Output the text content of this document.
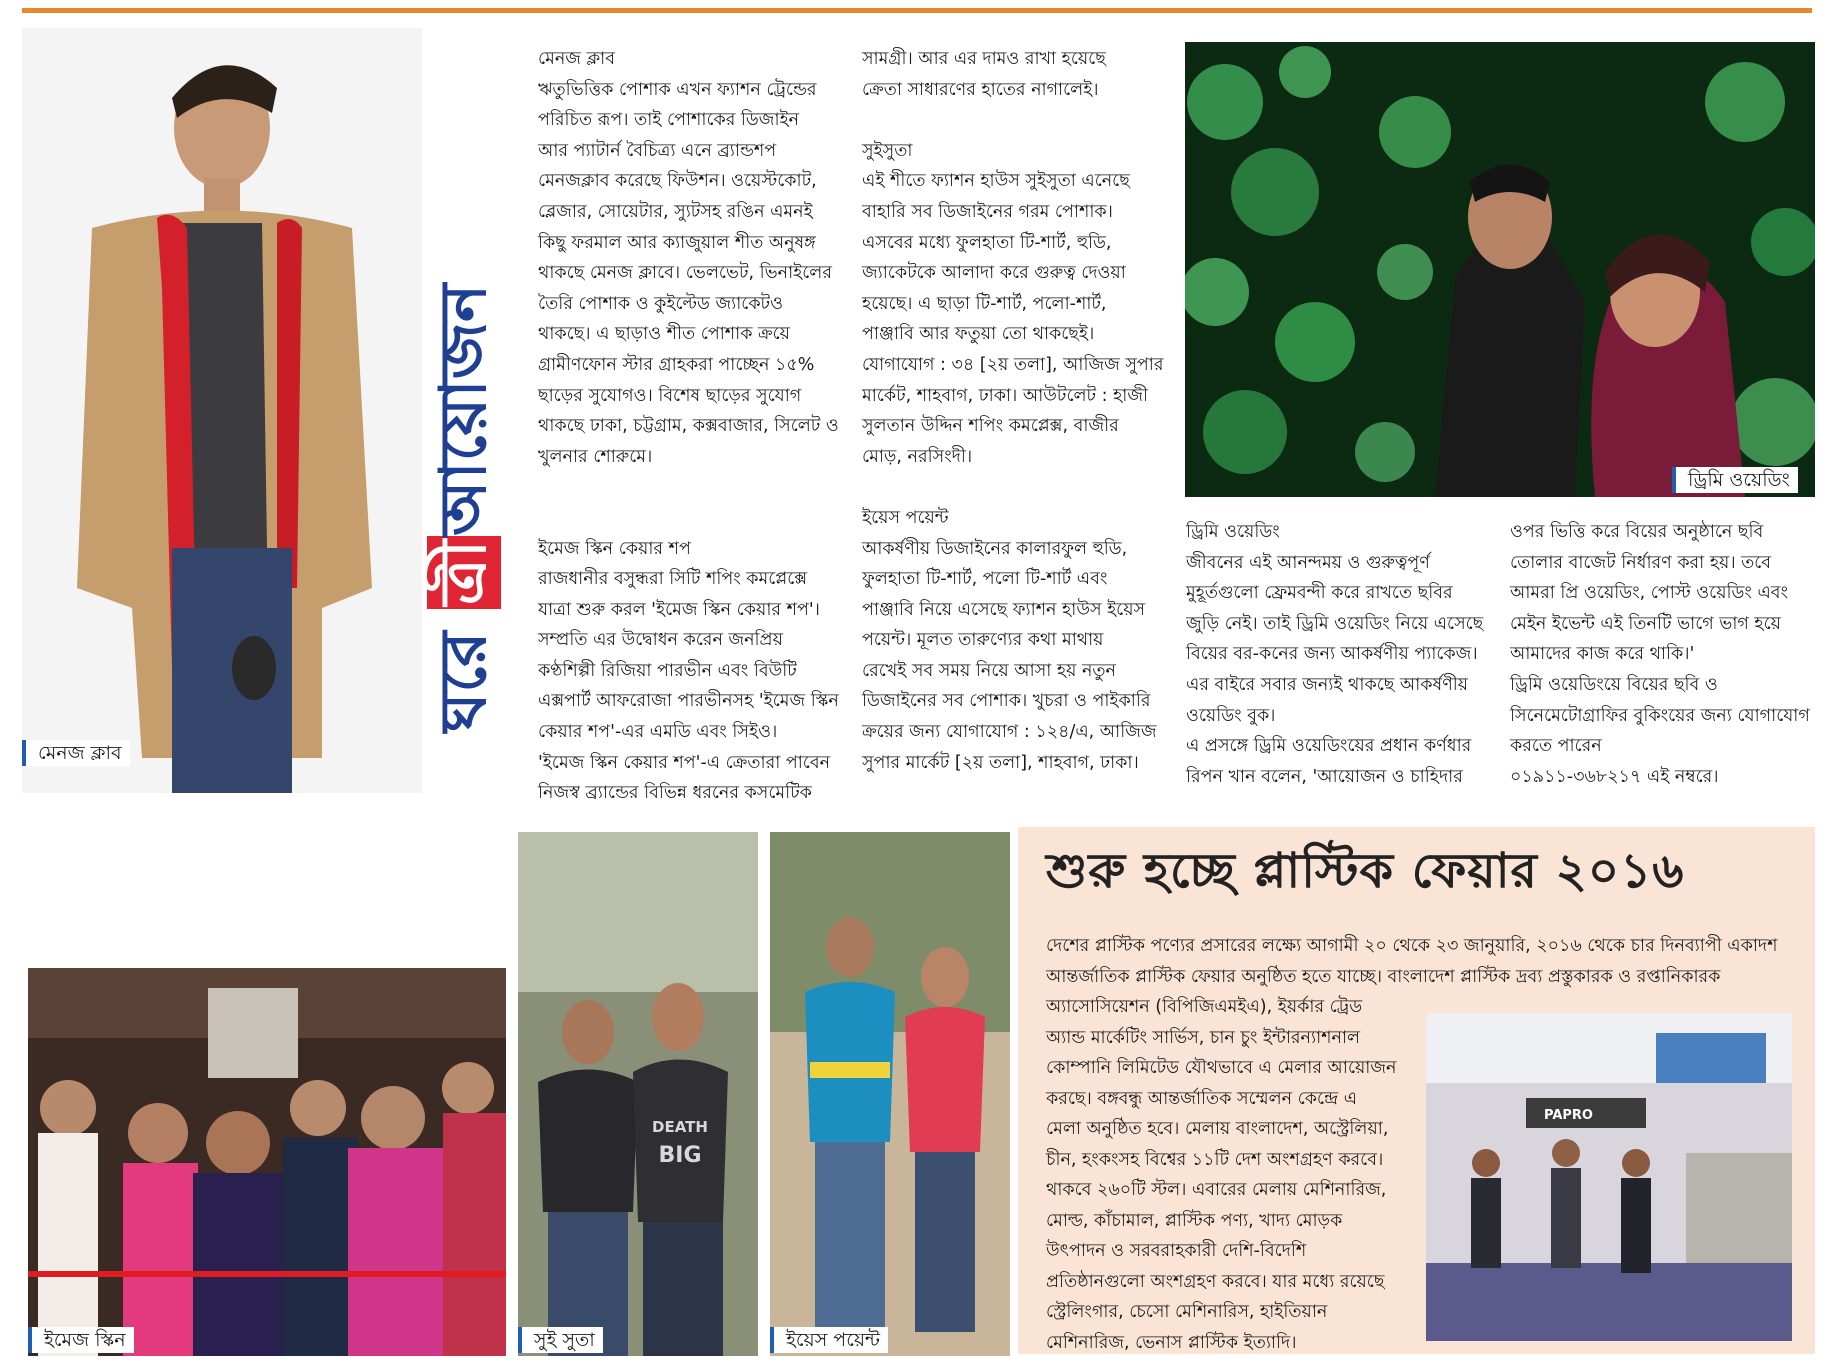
মেনজ ক্লাব
ঘরে ত্রীআয়োজন

মেনজ ক্লাব

ঋতুভিত্তিক পোশাক এখন ফ্যাশন ট্রেন্ডের

পরিচিত রূপ। তাই পোশাকের ডিজাইন

আর প্যাটার্ন বৈচিত্র্য এনে ব্র্যান্ডশপ

মেনজক্লাব করেছে ফিউশন। ওয়েস্টকোট,

ব্লেজার, সোয়েটার, স্যুটসহ রঙিন এমনই

কিছু ফরমাল আর ক্যাজুয়াল শীত অনুষঙ্গ

থাকছে মেনজ ক্লাবে। ভেলভেট, ভিনাইলের

তৈরি পোশাক ও কুইল্টেড জ্যাকেটও

থাকছে। এ ছাড়াও শীত পোশাক ক্রয়ে

গ্রামীণফোন স্টার গ্রাহকরা পাচ্ছেন ১৫%

ছাড়ের সুযোগও। বিশেষ ছাড়ের সুযোগ

থাকছে ঢাকা, চট্টগ্রাম, কক্সবাজার, সিলেট ও

খুলনার শোরুমে।

ইমেজ স্কিন কেয়ার শপ

রাজধানীর বসুন্ধরা সিটি শপিং কমপ্লেক্সে

যাত্রা শুরু করল 'ইমেজ স্কিন কেয়ার শপ'।

সম্প্রতি এর উদ্বোধন করেন জনপ্রিয়

কণ্ঠশিল্পী রিজিয়া পারভীন এবং বিউটি

এক্সপার্ট আফরোজা পারভীনসহ 'ইমেজ স্কিন

কেয়ার শপ'-এর এমডি এবং সিইও।

'ইমেজ স্কিন কেয়ার শপ'-এ ক্রেতারা পাবেন

নিজস্ব ব্র্যান্ডের বিভিন্ন ধরনের কসমেটিক

সামগ্রী। আর এর দামও রাখা হয়েছে

ক্রেতা সাধারণের হাতের নাগালেই।

সুইসুতা

এই শীতে ফ্যাশন হাউস সুইসুতা এনেছে

বাহারি সব ডিজাইনের গরম পোশাক।

এসবের মধ্যে ফুলহাতা টি-শার্ট, হুডি,

জ্যাকেটকে আলাদা করে গুরুত্ব দেওয়া

হয়েছে। এ ছাড়া টি-শার্ট, পলো-শার্ট,

পাঞ্জাবি আর ফতুয়া তো থাকছেই।

যোগাযোগ : ৩৪ [২য় তলা], আজিজ সুপার

মার্কেট, শাহবাগ, ঢাকা। আউটলেট : হাজী

সুলতান উদ্দিন শপিং কমপ্লেক্স, বাজীর

মোড়, নরসিংদী।

ইয়েস পয়েন্ট

আকর্ষণীয় ডিজাইনের কালারফুল হুডি,

ফুলহাতা টি-শার্ট, পলো টি-শার্ট এবং

পাঞ্জাবি নিয়ে এসেছে ফ্যাশন হাউস ইয়েস

পয়েন্ট। মূলত তারুণ্যের কথা মাথায়

রেখেই সব সময় নিয়ে আসা হয় নতুন

ডিজাইনের সব পোশাক। খুচরা ও পাইকারি

ক্রয়ের জন্য যোগাযোগ : ১২৪/এ, আজিজ

সুপার মার্কেট [২য় তলা], শাহবাগ, ঢাকা।

ড্রিমি ওয়েডিং

ড্রিমি ওয়েডিং

জীবনের এই আনন্দময় ও গুরুত্বপূর্ণ

মুহূর্তগুলো ফ্রেমবন্দী করে রাখতে ছবির

জুড়ি নেই। তাই ড্রিমি ওয়েডিং নিয়ে এসেছে

বিয়ের বর-কনের জন্য আকর্ষণীয় প্যাকেজ।

এর বাইরে সবার জন্যই থাকছে আকর্ষণীয়

ওয়েডিং বুক।

এ প্রসঙ্গে ড্রিমি ওয়েডিংয়ের প্রধান কর্ণধার

রিপন খান বলেন, 'আয়োজন ও চাহিদার

ওপর ভিত্তি করে বিয়ের অনুষ্ঠানে ছবি

তোলার বাজেট নির্ধারণ করা হয়। তবে

আমরা প্রি ওয়েডিং, পোস্ট ওয়েডিং এবং

মেইন ইভেন্ট এই তিনটি ভাগে ভাগ হয়ে

আমাদের কাজ করে থাকি।'

ড্রিমি ওয়েডিংয়ে বিয়ের ছবি ও

সিনেমেটোগ্রাফির বুকিংয়ের জন্য যোগাযোগ

করতে পারেন

০১৯১১-৩৬৮২১৭ এই নম্বরে।

ইমেজ স্কিন
DEATH
BIG
সুই সুতা	ইয়েস পয়েন্ট
শুরু হচ্ছে প্লাস্টিক ফেয়ার ২০১৬

দেশের প্লাস্টিক পণ্যের প্রসারের লক্ষ্যে আগামী ২০ থেকে ২৩ জানুয়ারি, ২০১৬ থেকে চার দিনব্যাপী একাদশ

আন্তর্জাতিক প্লাস্টিক ফেয়ার অনুষ্ঠিত হতে যাচ্ছে। বাংলাদেশ প্লাস্টিক দ্রব্য প্রস্তুকারক ও রপ্তানিকারক

অ্যাসোসিয়েশন (বিপিজিএমইএ), ইয়র্কার ট্রেড

অ্যান্ড মার্কেটিং সার্ভিস, চান চুং ইন্টারন্যাশনাল

কোম্পানি লিমিটেড যৌথভাবে এ মেলার আয়োজন

করছে। বঙ্গবন্ধু আন্তর্জাতিক সম্মেলন কেন্দ্রে এ

মেলা অনুষ্ঠিত হবে। মেলায় বাংলাদেশ, অস্ট্রেলিয়া,

চীন, হংকংসহ বিশ্বের ১১টি দেশ অংশগ্রহণ করবে।

থাকবে ২৬০টি স্টল। এবারের মেলায় মেশিনারিজ,

মোল্ড, কাঁচামাল, প্লাস্টিক পণ্য, খাদ্য মোড়ক

উৎপাদন ও সরবরাহকারী দেশি-বিদেশি

প্রতিষ্ঠানগুলো অংশগ্রহণ করবে। যার মধ্যে রয়েছে

স্ট্রেলিংগার, চেসো মেশিনারিস, হাইতিয়ান

মেশিনারিজ, ভেনাস প্লাস্টিক ইত্যাদি।

PAPRO
